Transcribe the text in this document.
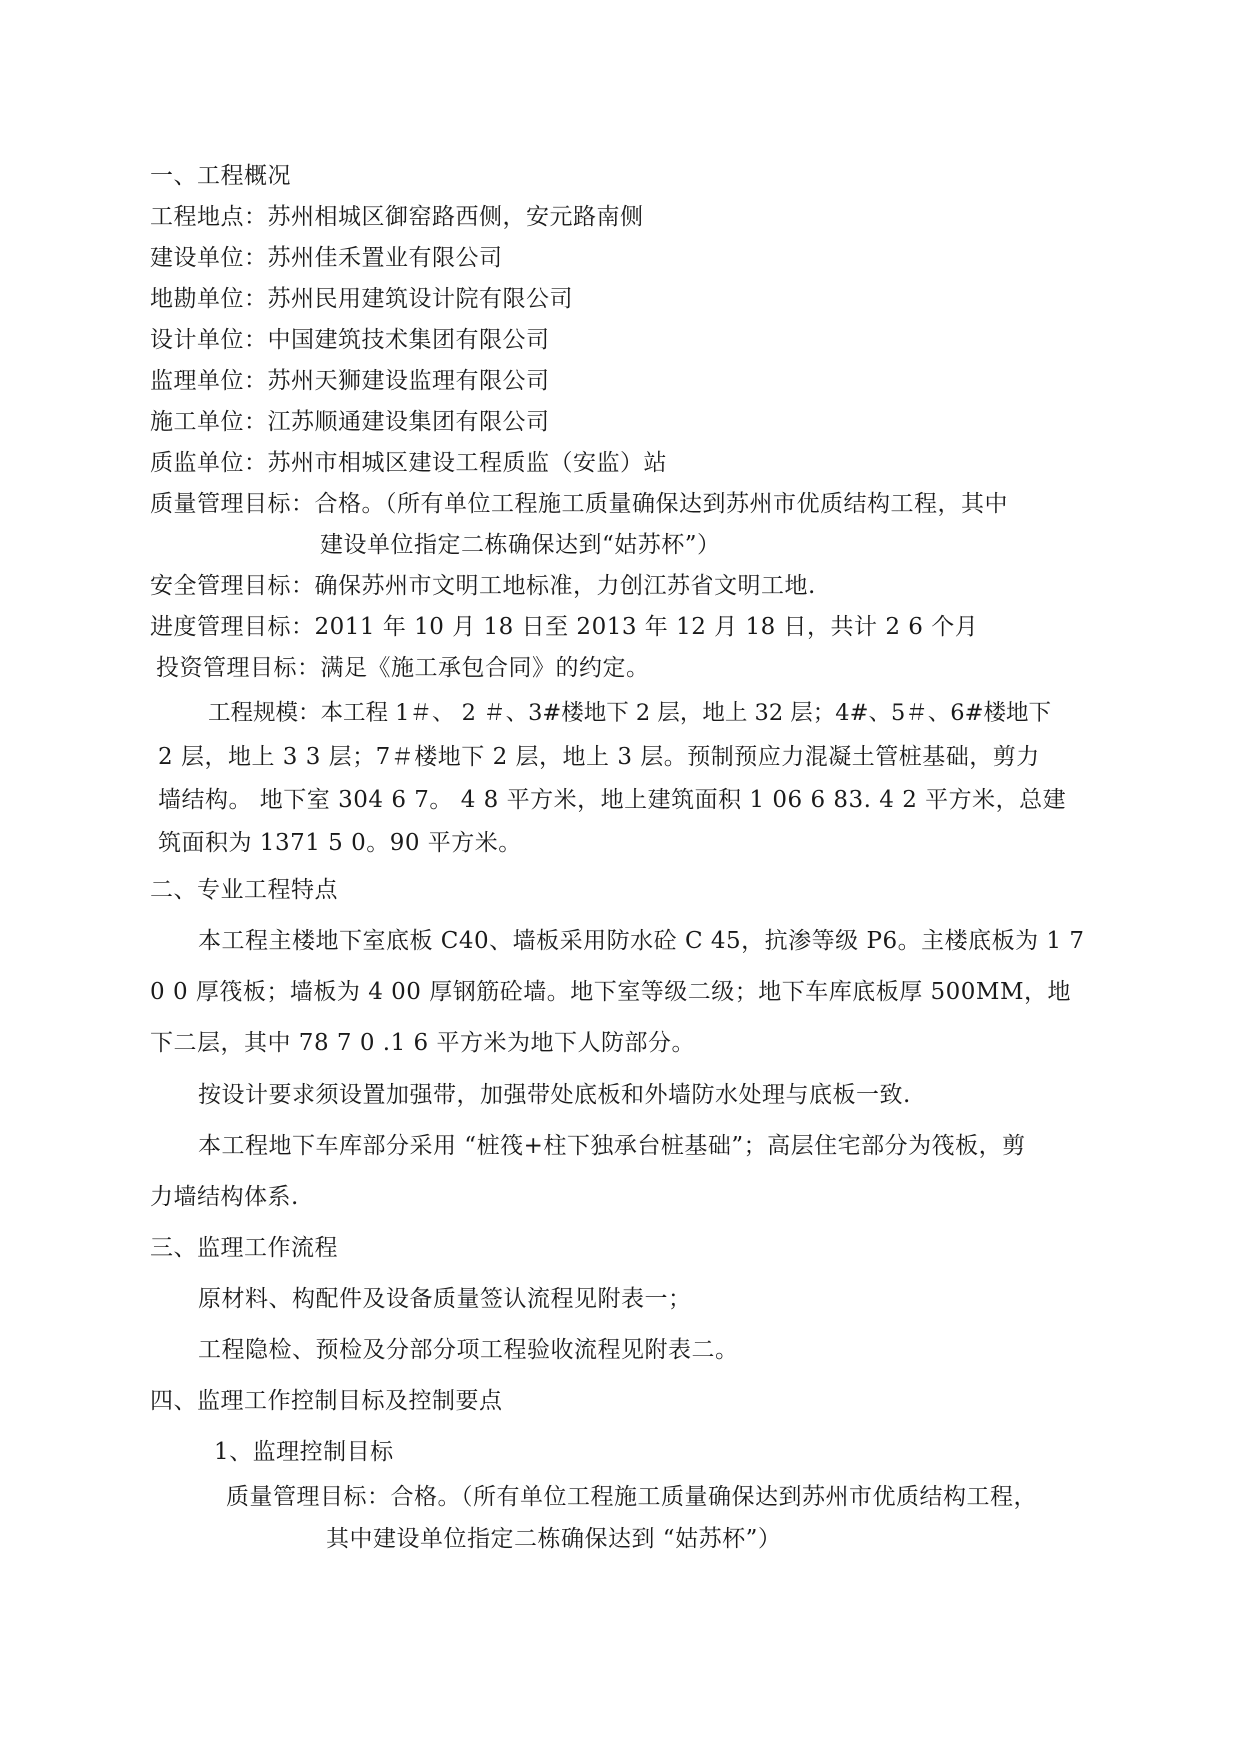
一、工程概况
工程地点：苏州相城区御窑路西侧，安元路南侧
建设单位：苏州佳禾置业有限公司
地勘单位：苏州民用建筑设计院有限公司
设计单位：中国建筑技术集团有限公司
监理单位：苏州天狮建设监理有限公司
施工单位：江苏顺通建设集团有限公司
质监单位：苏州市相城区建设工程质监（安监）站
质量管理目标：合格。（所有单位工程施工质量确保达到苏州市优质结构工程，其中
建设单位指定二栋确保达到“姑苏杯”）
安全管理目标：确保苏州市文明工地标准，力创江苏省文明工地.
进度管理目标：2011 年 10 月 18 日至 2013 年 12 月 18 日，共计 2 6 个月
投资管理目标：满足《施工承包合同》的约定。
工程规模：本工程 1＃、 2 ＃、3#楼地下 2 层，地上 32 层；4#、5＃、6#楼地下
2 层，地上 3 3 层；7＃楼地下 2 层，地上 3 层。预制预应力混凝土管桩基础，剪力
墙结构。 地下室 304 6 7。 4 8 平方米，地上建筑面积 1 06 6 83. 4 2 平方米，总建
筑面积为 1371 5 0。90 平方米。
二、专业工程特点
本工程主楼地下室底板 C40、墙板采用防水砼 C 45，抗渗等级 P6。主楼底板为 1 7
0 0 厚筏板；墙板为 4 00 厚钢筋砼墙。地下室等级二级；地下车库底板厚 500MM，地
下二层，其中 78 7 0 .1 6 平方米为地下人防部分。
按设计要求须设置加强带，加强带处底板和外墙防水处理与底板一致.
本工程地下车库部分采用 “桩筏+柱下独承台桩基础”；高层住宅部分为筏板，剪
力墙结构体系.
三、监理工作流程
原材料、构配件及设备质量签认流程见附表一；
工程隐检、预检及分部分项工程验收流程见附表二。
四、监理工作控制目标及控制要点
1、监理控制目标
质量管理目标：合格。（所有单位工程施工质量确保达到苏州市优质结构工程，
其中建设单位指定二栋确保达到 “姑苏杯”）
